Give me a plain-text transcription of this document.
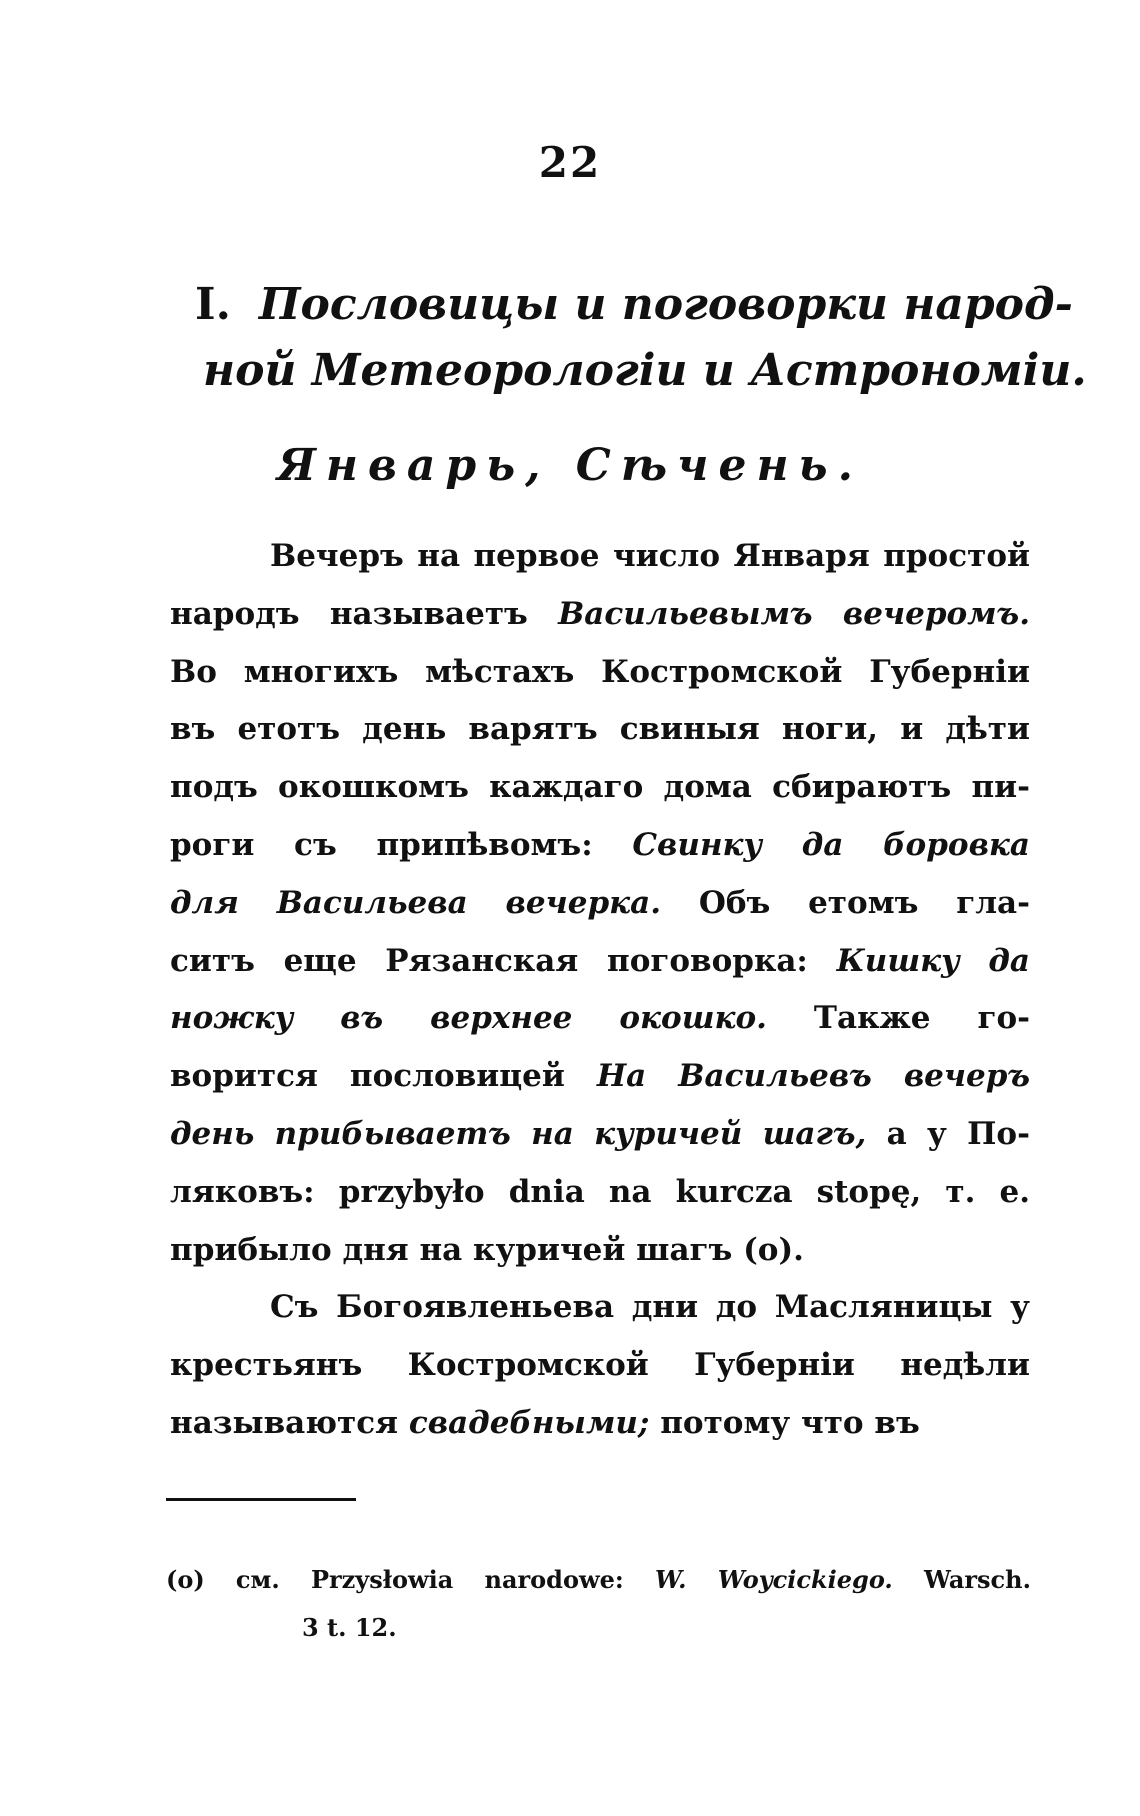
22
I. Пословицы и поговорки народ-
ной Метеорологiи и Астрономiи.
Январь, Сѣчень.
Вечеръ на первое число Января простой
народъ называетъ Васильевымъ вечеромъ.
Во многихъ мѣстахъ Костромской Губернiи
въ етотъ день варятъ свиныя ноги, и дѣти
подъ окошкомъ каждаго дома сбираютъ пи-
роги съ припѣвомъ: Свинку да боровка
для Васильева вечерка. Объ етомъ гла-
ситъ еще Рязанская поговорка: Кишку да
ножку въ верхнее окошко. Также го-
ворится пословицей На Васильевъ вечеръ
день прибываетъ на куричей шагъ, а у По-
ляковъ: przybyło dnia na kurcza stopę, т. е.
прибыло дня на куричей шагъ (о).
Съ Богоявленьева дни до Масляницы у
крестьянъ Костромской Губернiи недѣли
называются свадебными; потому что въ
(о) см. Przysłowia narodowe: W. Woycickiego. Warsch.
3 t. 12.
